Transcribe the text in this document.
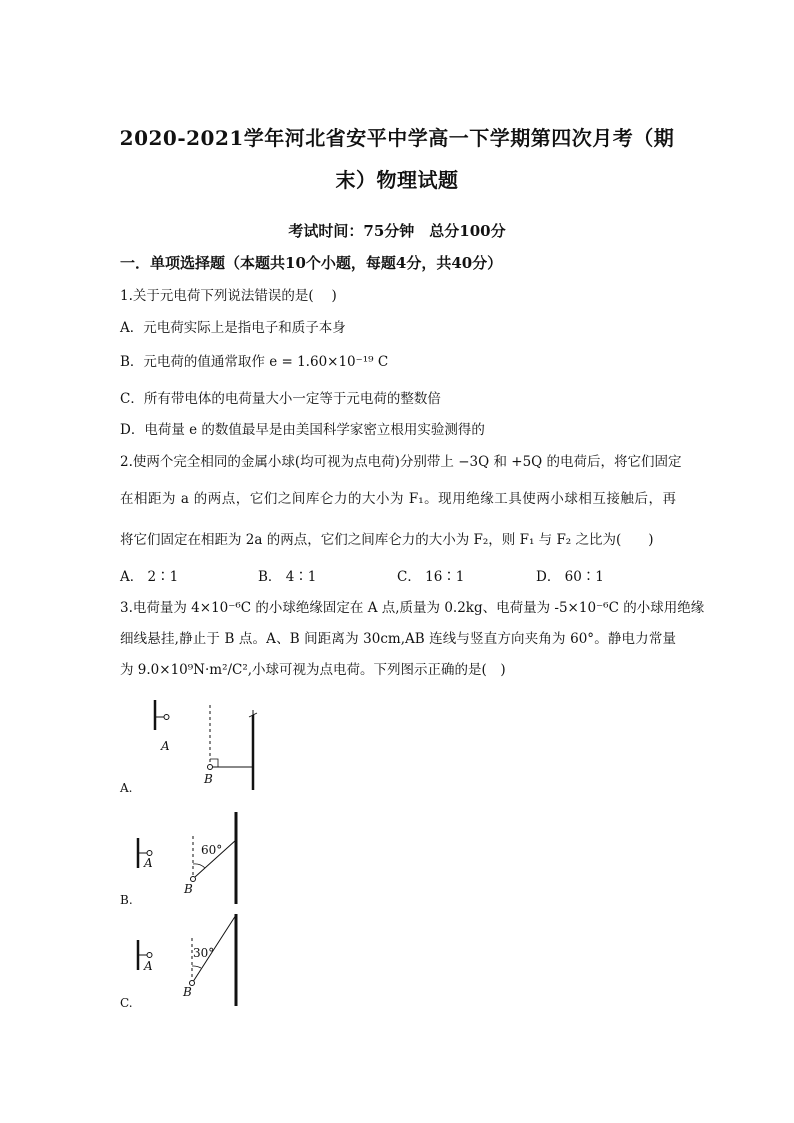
2020-2021学年河北省安平中学高一下学期第四次月考（期
末）物理试题
考试时间：75分钟　总分100分
一．单项选择题（本题共10个小题，每题4分，共40分）
1.关于元电荷下列说法错误的是(　 )
A．元电荷实际上是指电子和质子本身
B．元电荷的值通常取作 e = 1.60×10⁻¹⁹ C
C．所有带电体的电荷量大小一定等于元电荷的整数倍
D．电荷量 e 的数值最早是由美国科学家密立根用实验测得的
2.使两个完全相同的金属小球(均可视为点电荷)分别带上 −3Q 和 +5Q 的电荷后，将它们固定
在相距为 a 的两点，它们之间库仑力的大小为 F₁。现用绝缘工具使两小球相互接触后，再
将它们固定在相距为 2a 的两点，它们之间库仑力的大小为 F₂，则 F₁ 与 F₂ 之比为(　　)
A． 2∶1	B． 4∶1	C． 16∶1	D． 60∶1
3.电荷量为 4×10⁻⁶C 的小球绝缘固定在 A 点,质量为 0.2kg、电荷量为 -5×10⁻⁶C 的小球用绝缘
细线悬挂,静止于 B 点。A、B 间距离为 30cm,AB 连线与竖直方向夹角为 60°。静电力常量
为 9.0×10⁹N·m²/C²,小球可视为点电荷。下列图示正确的是(　)
A
B
A.
60°
A
B
B.
30°
A
B
C.
